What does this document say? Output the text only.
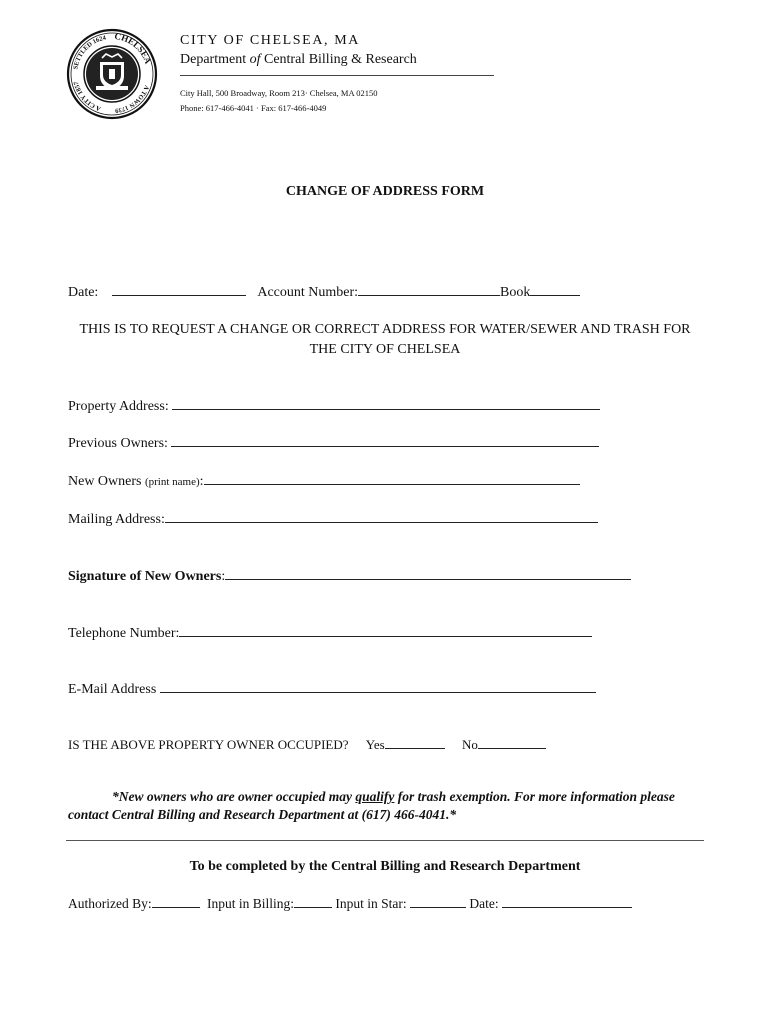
CHELSEA
SETTLED 1624
A TOWN 1739
A CITY 1857
CITY OF CHELSEA, MA
Department of Central Billing & Research
City Hall, 500 Broadway, Room 213· Chelsea, MA 02150
Phone: 617-466-4041 · Fax: 617-466-4049
CHANGE OF ADDRESS FORM
Date:	Account Number:	Book
THIS IS TO REQUEST A CHANGE OR CORRECT ADDRESS FOR WATER/SEWER AND TRASH FOR THE CITY OF CHELSEA
Property Address:
Previous Owners:
New Owners (print name):
Mailing Address:
Signature of New Owners:
Telephone Number:
E-Mail Address
IS THE ABOVE PROPERTY OWNER OCCUPIED? Yes	No
*New owners who are owner occupied may qualify for trash exemption. For more information please contact Central Billing and Research Department at (617) 466-4041.*
To be completed by the Central Billing and Research Department
Authorized By:	Input in Billing:	Input in Star:	Date:
